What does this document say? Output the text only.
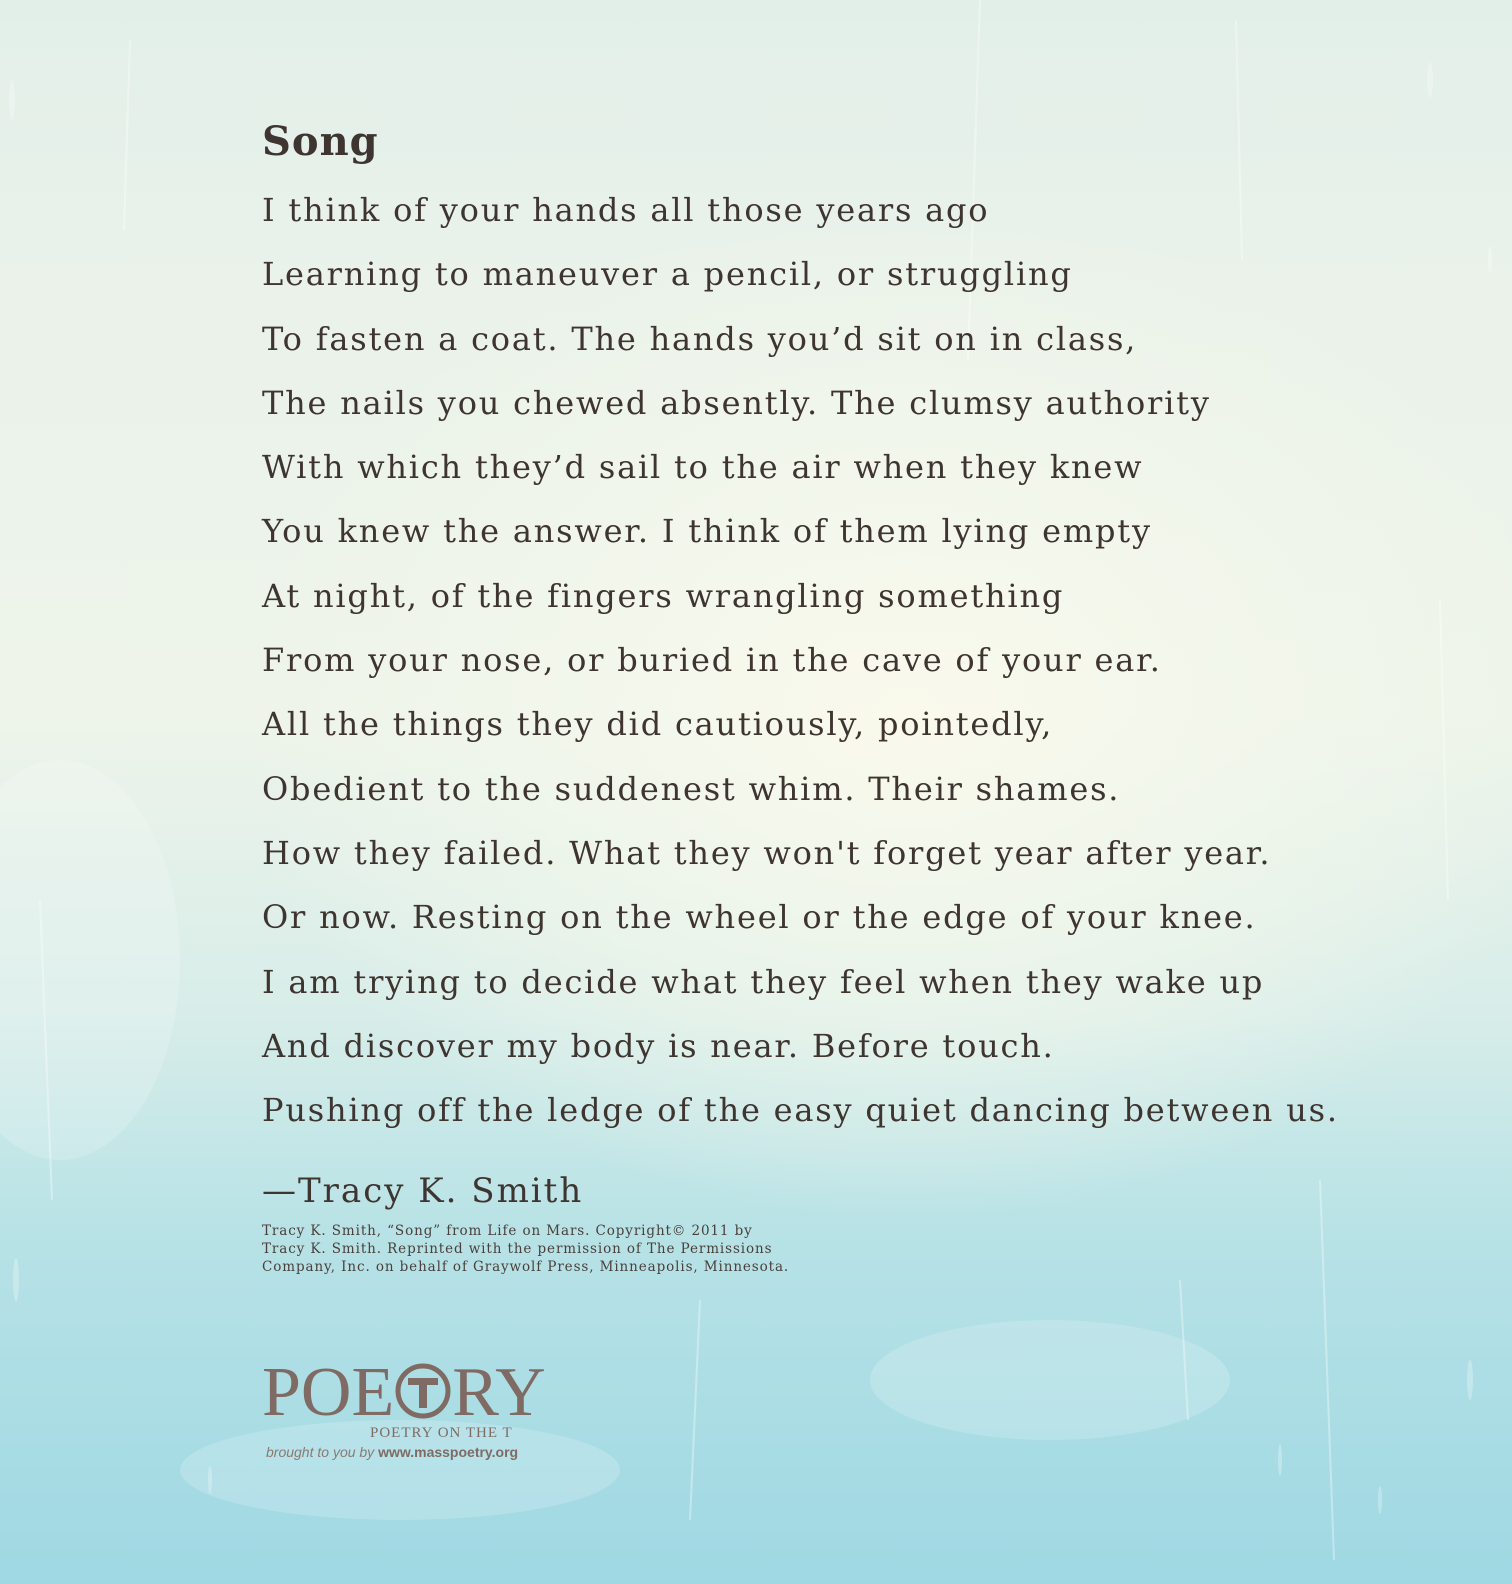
Song
I think of your hands all those years ago
Learning to maneuver a pencil, or struggling
To fasten a coat. The hands you’d sit on in class,
The nails you chewed absently. The clumsy authority
With which they’d sail to the air when they knew
You knew the answer. I think of them lying empty
At night, of the fingers wrangling something
From your nose, or buried in the cave of your ear.
All the things they did cautiously, pointedly,
Obedient to the suddenest whim. Their shames.
How they failed. What they won't forget year after year.
Or now. Resting on the wheel or the edge of your knee.
I am trying to decide what they feel when they wake up
And discover my body is near. Before touch.
Pushing off the ledge of the easy quiet dancing between us.
—Tracy K. Smith
Tracy K. Smith, “Song” from Life on Mars. Copyright© 2011 by
Tracy K. Smith. Reprinted with the permission of The Permissions
Company, Inc. on behalf of Graywolf Press, Minneapolis, Minnesota.
POE RY
POETRY ON THE T
brought to you by www.masspoetry.org
